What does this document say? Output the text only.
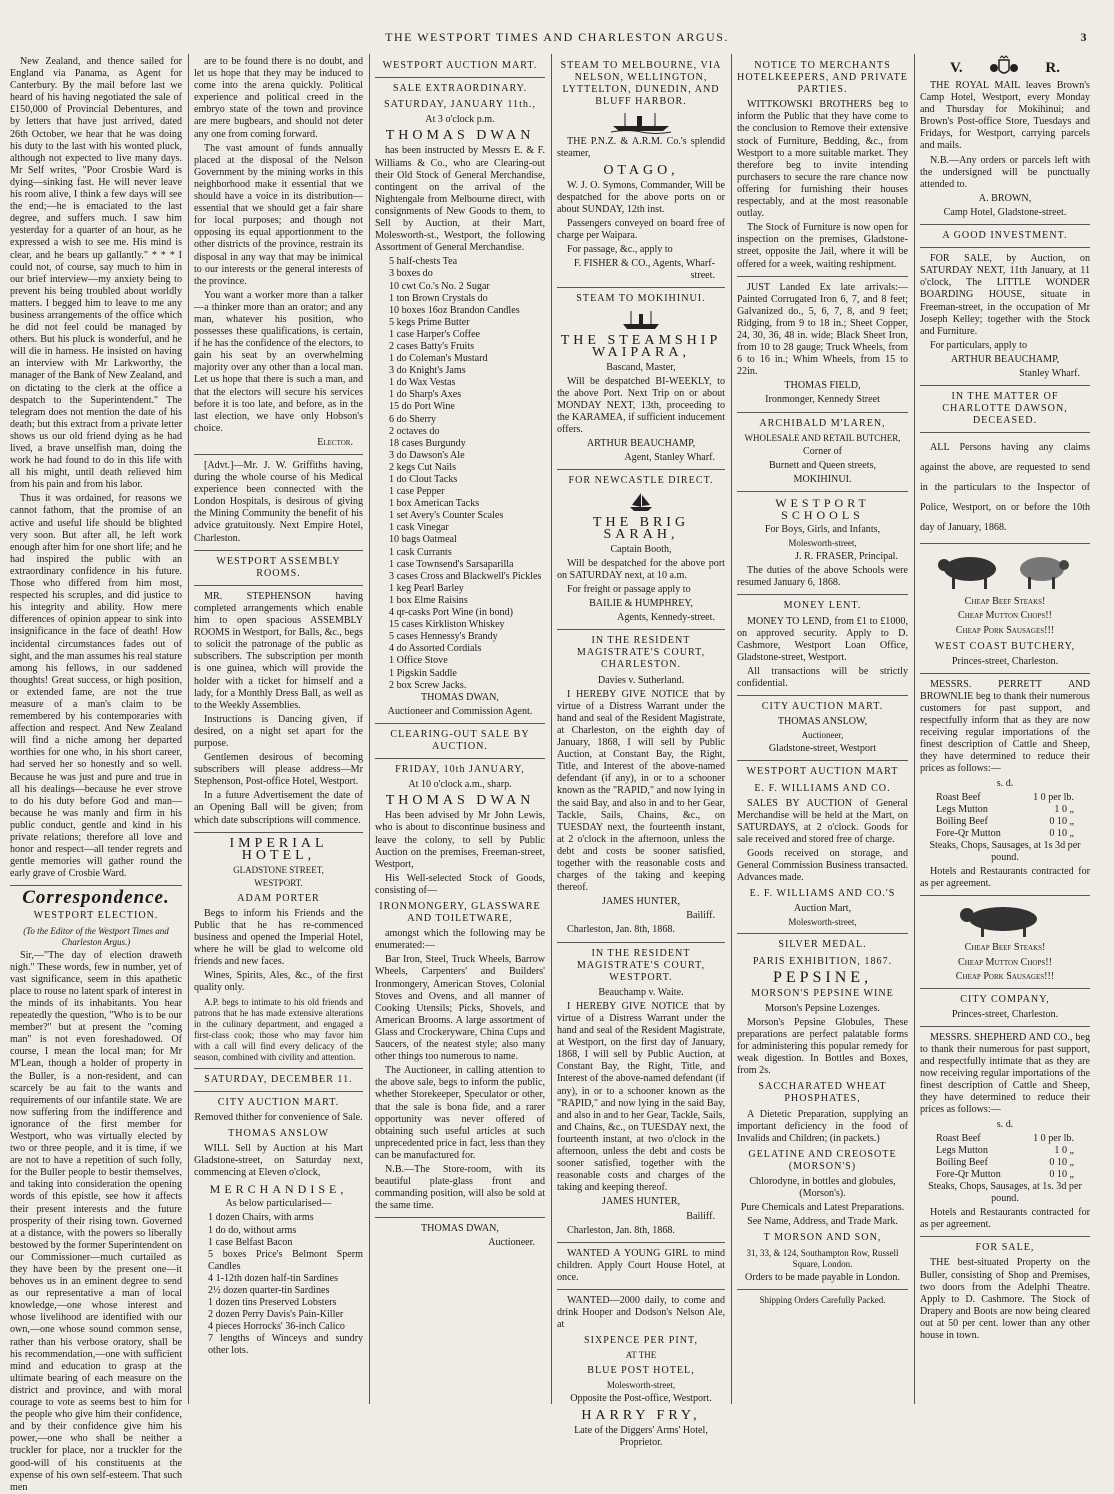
THE WESTPORT TIMES AND CHARLESTON ARGUS.	3

New Zealand, and thence sailed for England via Panama, as Agent for Canterbury. By the mail before last we heard of his having negotiated the sale of £150,000 of Provincial Debentures, and by letters that have just arrived, dated 26th October, we hear that he was doing his duty to the last with his wonted pluck, although not expected to live many days. Mr Self writes, "Poor Crosbie Ward is dying—sinking fast. He will never leave his room alive, I think a few days will see the end;—he is emaciated to the last degree, and suffers much. I saw him yesterday for a quarter of an hour, as he expressed a wish to see me. His mind is clear, and he bears up gallantly." * * * I could not, of course, say much to him in our brief interview—my anxiety being to prevent his being troubled about worldly matters. I begged him to leave to me any business arrangements of the office which he did not feel could be managed by others. But his pluck is wonderful, and he will die in harness. He insisted on having an interview with Mr Larkworthy, the manager of the Bank of New Zealand, and on dictating to the clerk at the office a despatch to the Superintendent." The telegram does not mention the date of his death; but this extract from a private letter shows us our old friend dying as he had lived, a brave unselfish man, doing the work he had found to do in this life with all his might, until death relieved him from his pain and from his labor.

Thus it was ordained, for reasons we cannot fathom, that the promise of an active and useful life should be blighted very soon. But after all, he left work enough after him for one short life; and he had inspired the public with an extraordinary confidence in his future. Those who differed from him most, respected his scruples, and did justice to his integrity and ability. How mere differences of opinion appear to sink into insignificance in the face of death! How incidental circumstances fades out of sight, and the man assumes his real stature among his fellows, in our saddened thoughts! Great success, or high position, or extended fame, are not the true measure of a man's claim to be remembered by his contemporaries with affection and respect. And New Zealand will find a niche among her departed worthies for one who, in his short career, had served her so honestly and so well. Because he was just and pure and true in all his dealings—because he ever strove to do his duty before God and man—because he was manly and firm in his public conduct, gentle and kind in his private relations; therefore all love and honor and respect—all tender regrets and gentle memories will gather round the early grave of Crosbie Ward.

Correspondence.
WESTPORT ELECTION.

(To the Editor of the Westport Times and Charleston Argus.)

Sir,—"The day of election draweth nigh." These words, few in number, yet of vast significance, seem in this apathetic place to rouse no latent spark of interest in the minds of its inhabitants. You hear repeatedly the question, "Who is to be our member?" but at present the "coming man" is not even foreshadowed. Of course, I mean the local man; for Mr M'Lean, though a holder of property in the Buller, is a non-resident, and can scarcely be au fait to the wants and requirements of our infantile state. We are now suffering from the indifference and ignorance of the first member for Westport, who was virtually elected by two or three people, and it is time, if we are not to have a repetition of such folly, for the Buller people to bestir themselves, and taking into consideration the opening words of this epistle, see how it affects their present interests and the future prosperity of their rising town. Governed at a distance, with the powers so liberally bestowed by the former Superintendent on our Commissioner—much curtailed as they have been by the present one—it behoves us in an eminent degree to send as our representative a man of local knowledge,—one whose interest and whose livelihood are identified with our own,—one whose sound common sense, rather than his verbose oratory, shall be his recommendation,—one with sufficient mind and education to grasp at the ultimate bearing of each measure on the district and province, and with moral courage to vote as seems best to him for the people who give him their confidence, and by their confidence give him his power,—one who shall be neither a truckler for place, nor a truckler for the good-will of his constituents at the expense of his own self-esteem. That such men

are to be found there is no doubt, and let us hope that they may be induced to come into the arena quickly. Political experience and political creed in the embryo state of the town and province are mere bugbears, and should not deter any one from coming forward.

The vast amount of funds annually placed at the disposal of the Nelson Government by the mining works in this neighborhood make it essential that we should have a voice in its distribution—essential that we should get a fair share for local purposes; and though not opposing its equal apportionment to the other districts of the province, restrain its disposal in any way that may be inimical to our interests or the general interests of the province.

You want a worker more than a talker—a thinker more than an orator; and any man, whatever his position, who possesses these qualifications, is certain, if he has the confidence of the electors, to gain his seat by an overwhelming majority over any other than a local man. Let us hope that there is such a man, and that the electors will secure his services before it is too late, and before, as in the last election, we have only Hobson's choice.

Elector.

[Advt.]—Mr. J. W. Griffiths having, during the whole course of his Medical experience been connected with the London Hospitals, is desirous of giving the Mining Community the benefit of his advice gratuitously. Next Empire Hotel, Charleston.

WESTPORT ASSEMBLY ROOMS.

MR. STEPHENSON having completed arrangements which enable him to open spacious ASSEMBLY ROOMS in Westport, for Balls, &c., begs to solicit the patronage of the public as subscribers. The subscription per month is one guinea, which will provide the holder with a ticket for himself and a lady, for a Monthly Dress Ball, as well as to the Weekly Assemblies.

Instructions is Dancing given, if desired, on a night set apart for the purpose.

Gentlemen desirous of becoming subscribers will please address—Mr Stephenson, Post-office Hotel, Westport.

In a future Advertisement the date of an Opening Ball will be given; from which date subscriptions will commence.

IMPERIAL HOTEL,

GLADSTONE STREET,

WESTPORT.

ADAM PORTER

Begs to inform his Friends and the Public that he has re-commenced business and opened the Imperial Hotel, where he will be glad to welcome old friends and new faces.

Wines, Spirits, Ales, &c., of the first quality only.

A.P. begs to intimate to his old friends and patrons that he has made extensive alterations in the culinary department, and engaged a first-class cook; those who may favor him with a call will find every delicacy of the season, combined with civility and attention.

SATURDAY, DECEMBER 11.
CITY AUCTION MART.

Removed thither for convenience of Sale.

THOMAS ANSLOW

WILL Sell by Auction at his Mart Gladstone-street, on Saturday next, commencing at Eleven o'clock,

MERCHANDISE,

As below particularised—

1 dozen Chairs, with arms
1 do do, without arms
1 case Belfast Bacon
5 boxes Price's Belmont Sperm Candles
4 1-12th dozen half-tin Sardines
2½ dozen quarter-tin Sardines
1 dozen tins Preserved Lobsters
2 dozen Perry Davis's Pain-Killer
4 pieces Horrocks' 36-inch Calico
7 lengths of Winceys and sundry other lots.
WESTPORT AUCTION MART.
SALE EXTRAORDINARY.
SATURDAY, JANUARY 11th.,

At 3 o'clock p.m.

THOMAS DWAN

has been instructed by Messrs E. & F. Williams & Co., who are Clearing-out their Old Stock of General Merchandise, contingent on the arrival of the Nightengale from Melbourne direct, with consignments of New Goods to them, to Sell by Auction, at their Mart, Molesworth-st., Westport, the following Assortment of General Merchandise.

5 half-chests Tea
3 boxes do
10 cwt Co.'s No. 2 Sugar
1 ton Brown Crystals do
10 boxes 16oz Brandon Candles
5 kegs Prime Butter
1 case Harper's Coffee
2 cases Batty's Fruits
1 do Coleman's Mustard
3 do Knight's Jams
1 do Wax Vestas
1 do Sharp's Axes
15 do Port Wine
6 do Sherry
2 octaves do
18 cases Burgundy
3 do Dawson's Ale
2 kegs Cut Nails
1 do Clout Tacks
1 case Pepper
1 box American Tacks
1 set Avery's Counter Scales
1 cask Vinegar
10 bags Oatmeal
1 cask Currants
1 case Townsend's Sarsaparilla
3 cases Cross and Blackwell's Pickles
1 keg Pearl Barley
1 box Elme Raisins
4 qr-casks Port Wine (in bond)
15 cases Kirkliston Whiskey
5 cases Hennessy's Brandy
4 do Assorted Cordials
1 Office Stove
1 Pigskin Saddle
2 box Screw Jacks.

THOMAS DWAN,

Auctioneer and Commission Agent.

CLEARING-OUT SALE BY AUCTION.
FRIDAY, 10th JANUARY,

At 10 o'clock a.m., sharp.

THOMAS DWAN

Has been advised by Mr John Lewis, who is about to discontinue business and leave the colony, to sell by Public Auction on the premises, Freeman-street, Westport,

His Well-selected Stock of Goods, consisting of—

IRONMONGERY, GLASSWARE AND TOILETWARE,

amongst which the following may be enumerated:—

Bar Iron, Steel, Truck Wheels, Barrow Wheels, Carpenters' and Builders' Ironmongery, American Stoves, Colonial Stoves and Ovens, and all manner of Cooking Utensils; Picks, Shovels, and American Brooms. A large assortment of Glass and Crockeryware, China Cups and Saucers, of the neatest style; also many other things too numerous to name.

The Auctioneer, in calling attention to the above sale, begs to inform the public, whether Storekeeper, Speculator or other, that the sale is bona fide, and a rarer opportunity was never offered of obtaining such useful articles at such unprecedented price in fact, less than they can be manufactured for.

N.B.—The Store-room, with its beautiful plate-glass front and commanding position, will also be sold at the same time.

THOMAS DWAN,

Auctioneer.

STEAM TO MELBOURNE, VIA NELSON, WELLINGTON, LYTTELTON, DUNEDIN, AND BLUFF HARBOR.

THE P.N.Z. & A.R.M. Co.'s splendid steamer,

OTAGO,

W. J. O. Symons, Commander, Will be despatched for the above ports on or about SUNDAY, 12th inst.

Passengers conveyed on board free of charge per Waipara.

For passage, &c., apply to

F. FISHER & CO., Agents, Wharf-street.

STEAM TO MOKIHINUI.
THE STEAMSHIP WAIPARA,

Bascand, Master,

Will be despatched BI-WEEKLY, to the above Port. Next Trip on or about MONDAY NEXT, 13th, proceeding to the KARAMEA, if sufficient inducement offers.

ARTHUR BEAUCHAMP,

Agent, Stanley Wharf.

FOR NEWCASTLE DIRECT.
THE BRIG SARAH,

Captain Booth,

Will be despatched for the above port on SATURDAY next, at 10 a.m.

For freight or passage apply to

BAILIE & HUMPHREY,

Agents, Kennedy-street.

IN THE RESIDENT MAGISTRATE'S COURT, CHARLESTON.

Davies v. Sutherland.

I HEREBY GIVE NOTICE that by virtue of a Distress Warrant under the hand and seal of the Resident Magistrate, at Charleston, on the eighth day of January, 1868, I will sell by Public Auction, at Constant Bay, the Right, Title, and Interest of the above-named defendant (if any), in or to a schooner known as the "RAPID," and now lying in the said Bay, and also in and to her Gear, Tackle, Sails, Chains, &c., on TUESDAY next, the fourteenth instant, at 2 o'clock in the afternoon, unless the debt and costs be sooner satisfied, together with the reasonable costs and charges of the taking and keeping thereof.

JAMES HUNTER,

Bailiff.

Charleston, Jan. 8th, 1868.

IN THE RESIDENT MAGISTRATE'S COURT, WESTPORT.

Beauchamp v. Waite.

I HEREBY GIVE NOTICE that by virtue of a Distress Warrant under the hand and seal of the Resident Magistrate, at Westport, on the first day of January, 1868, I will sell by Public Auction, at Constant Bay, the Right, Title, and Interest of the above-named defendant (if any), in or to a schooner known as the "RAPID," and now lying in the said Bay, and also in and to her Gear, Tackle, Sails, and Chains, &c., on TUESDAY next, the fourteenth instant, at two o'clock in the afternoon, unless the debt and costs be sooner satisfied, together with the reasonable costs and charges of the taking and keeping thereof.

JAMES HUNTER,

Bailiff.

Charleston, Jan. 8th, 1868.

WANTED A YOUNG GIRL to mind children. Apply Court House Hotel, at once.

WANTED—2000 daily, to come and drink Hooper and Dodson's Nelson Ale, at

SIXPENCE PER PINT,

AT THE

BLUE POST HOTEL,

Molesworth-street,

Opposite the Post-office, Westport.

HARRY FRY,

Late of the Diggers' Arms' Hotel, Proprietor.

NOTICE TO MERCHANTS HOTELKEEPERS, AND PRIVATE PARTIES.

WITTKOWSKI BROTHERS beg to inform the Public that they have come to the conclusion to Remove their extensive stock of Furniture, Bedding, &c., from Westport to a more suitable market. They therefore beg to invite intending purchasers to secure the rare chance now offering for furnishing their houses respectably, and at the most reasonable outlay.

The Stock of Furniture is now open for inspection on the premises, Gladstone-street, opposite the Jail, where it will be offered for a week, waiting reshipment.

JUST Landed Ex late arrivals:—Painted Corrugated Iron 6, 7, and 8 feet; Galvanized do., 5, 6, 7, 8, and 9 feet; Ridging, from 9 to 18 in.; Sheet Copper, 24, 30, 36, 48 in. wide; Black Sheet Iron, from 10 to 28 gauge; Truck Wheels, from 6 to 16 in.; Whim Wheels, from 15 to 22in.

THOMAS FIELD,

Ironmonger, Kennedy Street

ARCHIBALD M'LAREN,

WHOLESALE AND RETAIL BUTCHER,

Corner of

Burnett and Queen streets,

MOKIHINUI.

WESTPORT SCHOOLS

For Boys, Girls, and Infants,

Molesworth-street,

J. R. FRASER, Principal.

The duties of the above Schools were resumed January 6, 1868.

MONEY LENT.

MONEY TO LEND, from £1 to £1000, on approved security. Apply to D. Cashmore, Westport Loan Office, Gladstone-street, Westport.

All transactions will be strictly confidential.

CITY AUCTION MART.

THOMAS ANSLOW,

Auctioneer,

Gladstone-street, Westport

WESTPORT AUCTION MART
E. F. WILLIAMS AND CO.

SALES BY AUCTION of General Merchandise will be held at the Mart, on SATURDAYS, at 2 o'clock. Goods for sale received and stored free of charge.

Goods received on storage, and General Commission Business transacted. Advances made.

E. F. WILLIAMS AND CO.'S

Auction Mart,

Molesworth-street,

SILVER MEDAL.
PARIS EXHIBITION, 1867.
PEPSINE,
MORSON'S PEPSINE WINE

Morson's Pepsine Lozenges.

Morson's Pepsine Globules, These preparations are perfect palatable forms for administering this popular remedy for weak digestion. In Bottles and Boxes, from 2s.

SACCHARATED WHEAT PHOSPHATES,

A Dietetic Preparation, supplying an important deficiency in the food of Invalids and Children; (in packets.)

GELATINE AND CREOSOTE (MORSON'S)

Chlorodyne, in bottles and globules, (Morson's).

Pure Chemicals and Latest Preparations.

See Name, Address, and Trade Mark.

T MORSON AND SON,

31, 33, & 124, Southampton Row, Russell Square, London.

Orders to be made payable in London.

Shipping Orders Carefully Packed.

V.	R.

THE ROYAL MAIL leaves Brown's Camp Hotel, Westport, every Monday and Thursday for Mokihinui; and Brown's Post-office Store, Tuesdays and Fridays, for Westport, carrying parcels and mails.

N.B.—Any orders or parcels left with the undersigned will be punctually attended to.

A. BROWN,

Camp Hotel, Gladstone-street.

A GOOD INVESTMENT.

FOR SALE, by Auction, on SATURDAY NEXT, 11th January, at 11 o'clock, The LITTLE WONDER BOARDING HOUSE, situate in Freeman-street, in the occupation of Mr Joseph Kelley; together with the Stock and Furniture.

For particulars, apply to

ARTHUR BEAUCHAMP,

Stanley Wharf.

IN THE MATTER OF CHARLOTTE DAWSON, DECEASED.

ALL Persons having any claims against the above, are requested to send in the particulars to the Inspector of Police, Westport, on or before the 10th day of January, 1868.

Cheap Beef Steaks!

Cheap Mutton Chops!!

Cheap Pork Sausages!!!

WEST COAST BUTCHERY,

Princes-street, Charleston.

MESSRS. PERRETT AND BROWNLIE beg to thank their numerous customers for past support, and respectfully inform that as they are now receiving regular importations of the finest description of Cattle and Sheep, they have determined to reduce their prices as follows:—

s. d.

Roast Beef	1 0 per lb.
Legs Mutton	1 0 „
Boiling Beef	0 10 „
Fore-Qr Mutton	0 10 „

Steaks, Chops, Sausages, at 1s 3d per pound.

Hotels and Restaurants contracted for as per agreement.

Cheap Beef Steaks!

Cheap Mutton Chops!!

Cheap Pork Sausages!!!

CITY COMPANY,

Princes-street, Charleston.

MESSRS. SHEPHERD AND CO., beg to thank their numerous for past support, and respectfully intimate that as they are now receiving regular importations of the finest description of Cattle and Sheep, they have determined to reduce their prices as follows:—

s. d.

Roast Beef	1 0 per lb.
Legs Mutton	1 0 „
Boiling Beef	0 10 „
Fore-Qr Mutton	0 10 „

Steaks, Chops, Sausages, at 1s. 3d per pound.

Hotels and Restaurants contracted for as per agreement.

FOR SALE,

THE best-situated Property on the Buller, consisting of Shop and Premises, two doors from the Adelphi Theatre. Apply to D. Cashmore. The Stock of Drapery and Boots are now being cleared out at 50 per cent. lower than any other house in town.
